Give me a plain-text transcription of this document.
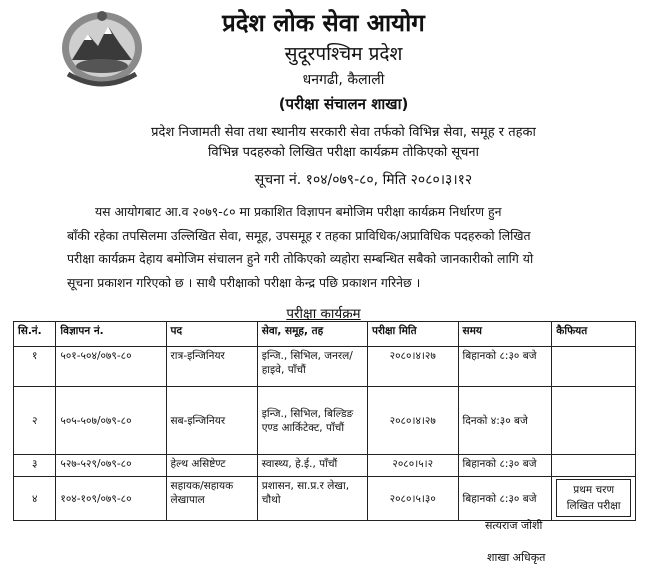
प्रदेश लोक सेवा आयोग
सुदूरपश्चिम प्रदेश
धनगढी, कैलाली
(परीक्षा संचालन शाखा)
प्रदेश निजामती सेवा तथा स्थानीय सरकारी सेवा तर्फको विभिन्न सेवा, समूह र तहका
विभिन्न पदहरुको लिखित परीक्षा कार्यक्रम तोकिएको सूचना
सूचना नं. १०४/०७९-८०, मिति २०८०।३।१२
यस आयोगबाट आ.व २०७९-८० मा प्रकाशित विज्ञापन बमोजिम परीक्षा कार्यक्रम निर्धारण हुन
बाँकी रहेका तपसिलमा उल्लिखित सेवा, समूह, उपसमूह र तहका प्राविधिक/अप्राविधिक पदहरुको लिखित
परीक्षा कार्यक्रम देहाय बमोजिम संचालन हुने गरी तोकिएको व्यहोरा सम्बन्धित सबैको जानकारीको लागि यो
सूचना प्रकाशन गरिएको छ । साथै परीक्षाको परीक्षा केन्द्र पछि प्रकाशन गरिनेछ ।
परीक्षा कार्यक्रम
सि.नं.	विज्ञापन नं.	पद	सेवा, समूह, तह	परीक्षा मिति	समय	कैफियत
१	५०१-५०४/०७९-८०	रात्र-इन्जिनियर	इन्जि., सिभिल, जनरल/हाइवे, पाँचौं	२०८०।४।२७	बिहानको ८:३० बजे	
२	५०५-५०७/०७९-८०	सब-इन्जिनियर	इन्जि., सिभिल, बिल्डिङ एण्ड आर्किटेक्ट, पाँचौं	२०८०।४।२७	दिनको ४:३० बजे	
३	५२७-५२९/०७९-८०	हेल्थ असिष्टेण्ट	स्वास्थ्य, हे.ई., पाँचौं	२०८०।५।२	बिहानको ८:३० बजे	
४	१०४-१०९/०७९-८०	सहायक/सहायक लेखापाल	प्रशासन, सा.प्र.र लेखा, चौथो	२०८०।५।३०	बिहानको ८:३० बजे	प्रथम चरण लिखित परीक्षा
सत्यराज जोशी
शाखा अधिकृत
